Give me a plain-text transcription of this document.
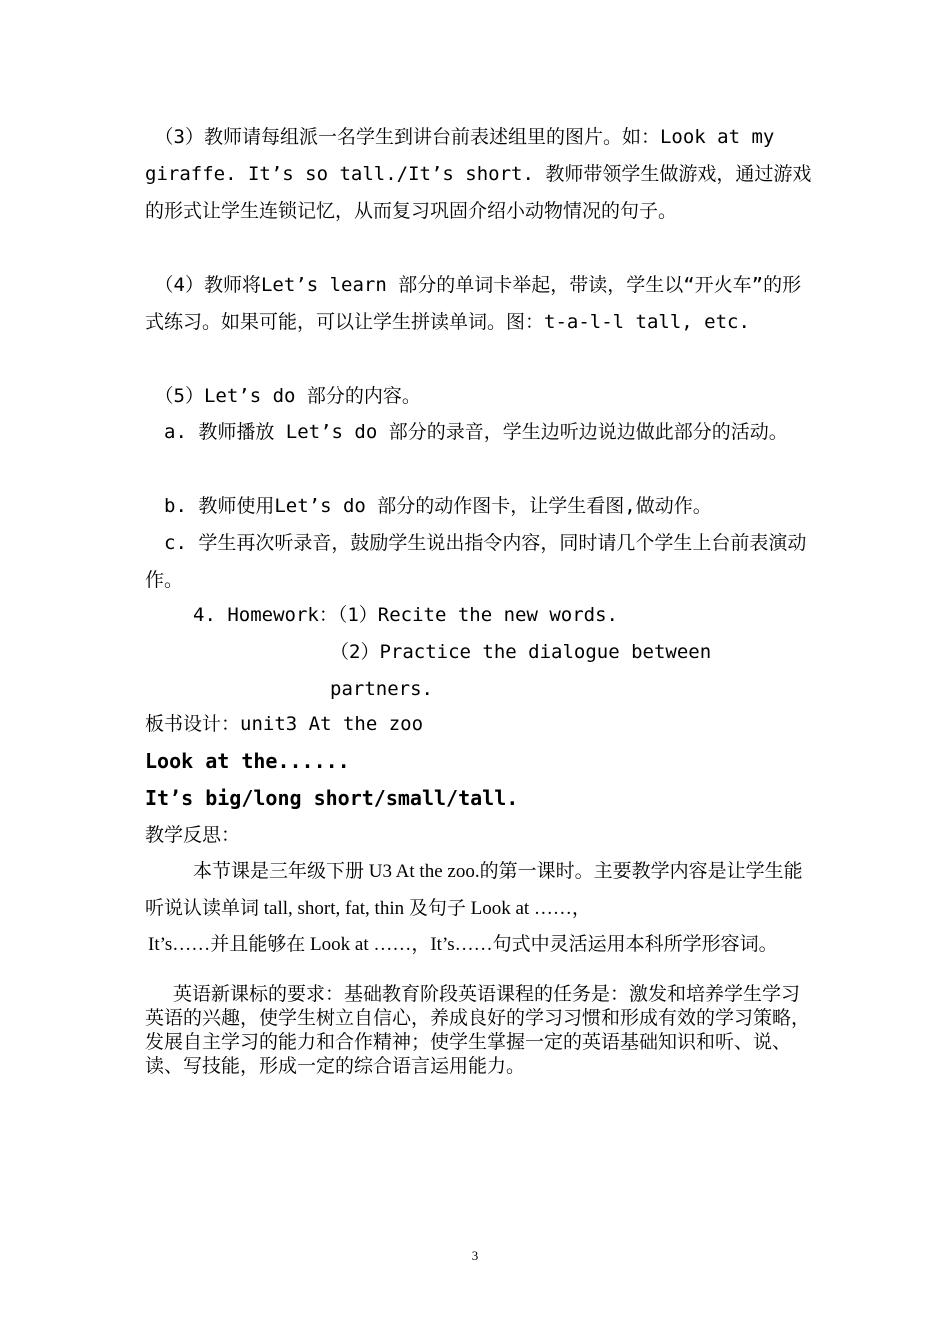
　（3）教师请每组派一名学生到讲台前表述组里的图片。如：Look at my giraffe. It’s so tall./It’s short. 教师带领学生做游戏，通过游戏的形式让学生连锁记忆，从而复习巩固介绍小动物情况的句子。

　（4）教师将Let’s learn 部分的单词卡举起，带读，学生以“开火车”的形式练习。如果可能，可以让学生拼读单词。图：t-a-l-l tall, etc.

　（5）Let’s do 部分的内容。

　a. 教师播放 Let’s do 部分的录音，学生边听边说边做此部分的活动。

　b. 教师使用Let’s do 部分的动作图卡，让学生看图,做动作。

　c. 学生再次听录音，鼓励学生说出指令内容，同时请几个学生上台前表演动作。

4. Homework：（1）Recite the new words.

（2）Practice the dialogue between partners.

板书设计：unit3 At the zoo

Look at the......

It’s big/long short/small/tall.

教学反思：

本节课是三年级下册 U3 At the zoo.的第一课时。主要教学内容是让学生能听说认读单词 tall, short, fat, thin 及句子 Look at ……，

It’s……并且能够在 Look at ……，It’s……句式中灵活运用本科所学形容词。

英语新课标的要求：基础教育阶段英语课程的任务是：激发和培养学生学习英语的兴趣，使学生树立自信心，养成良好的学习习惯和形成有效的学习策略，发展自主学习的能力和合作精神；使学生掌握一定的英语基础知识和听、说、读、写技能，形成一定的综合语言运用能力。

3
